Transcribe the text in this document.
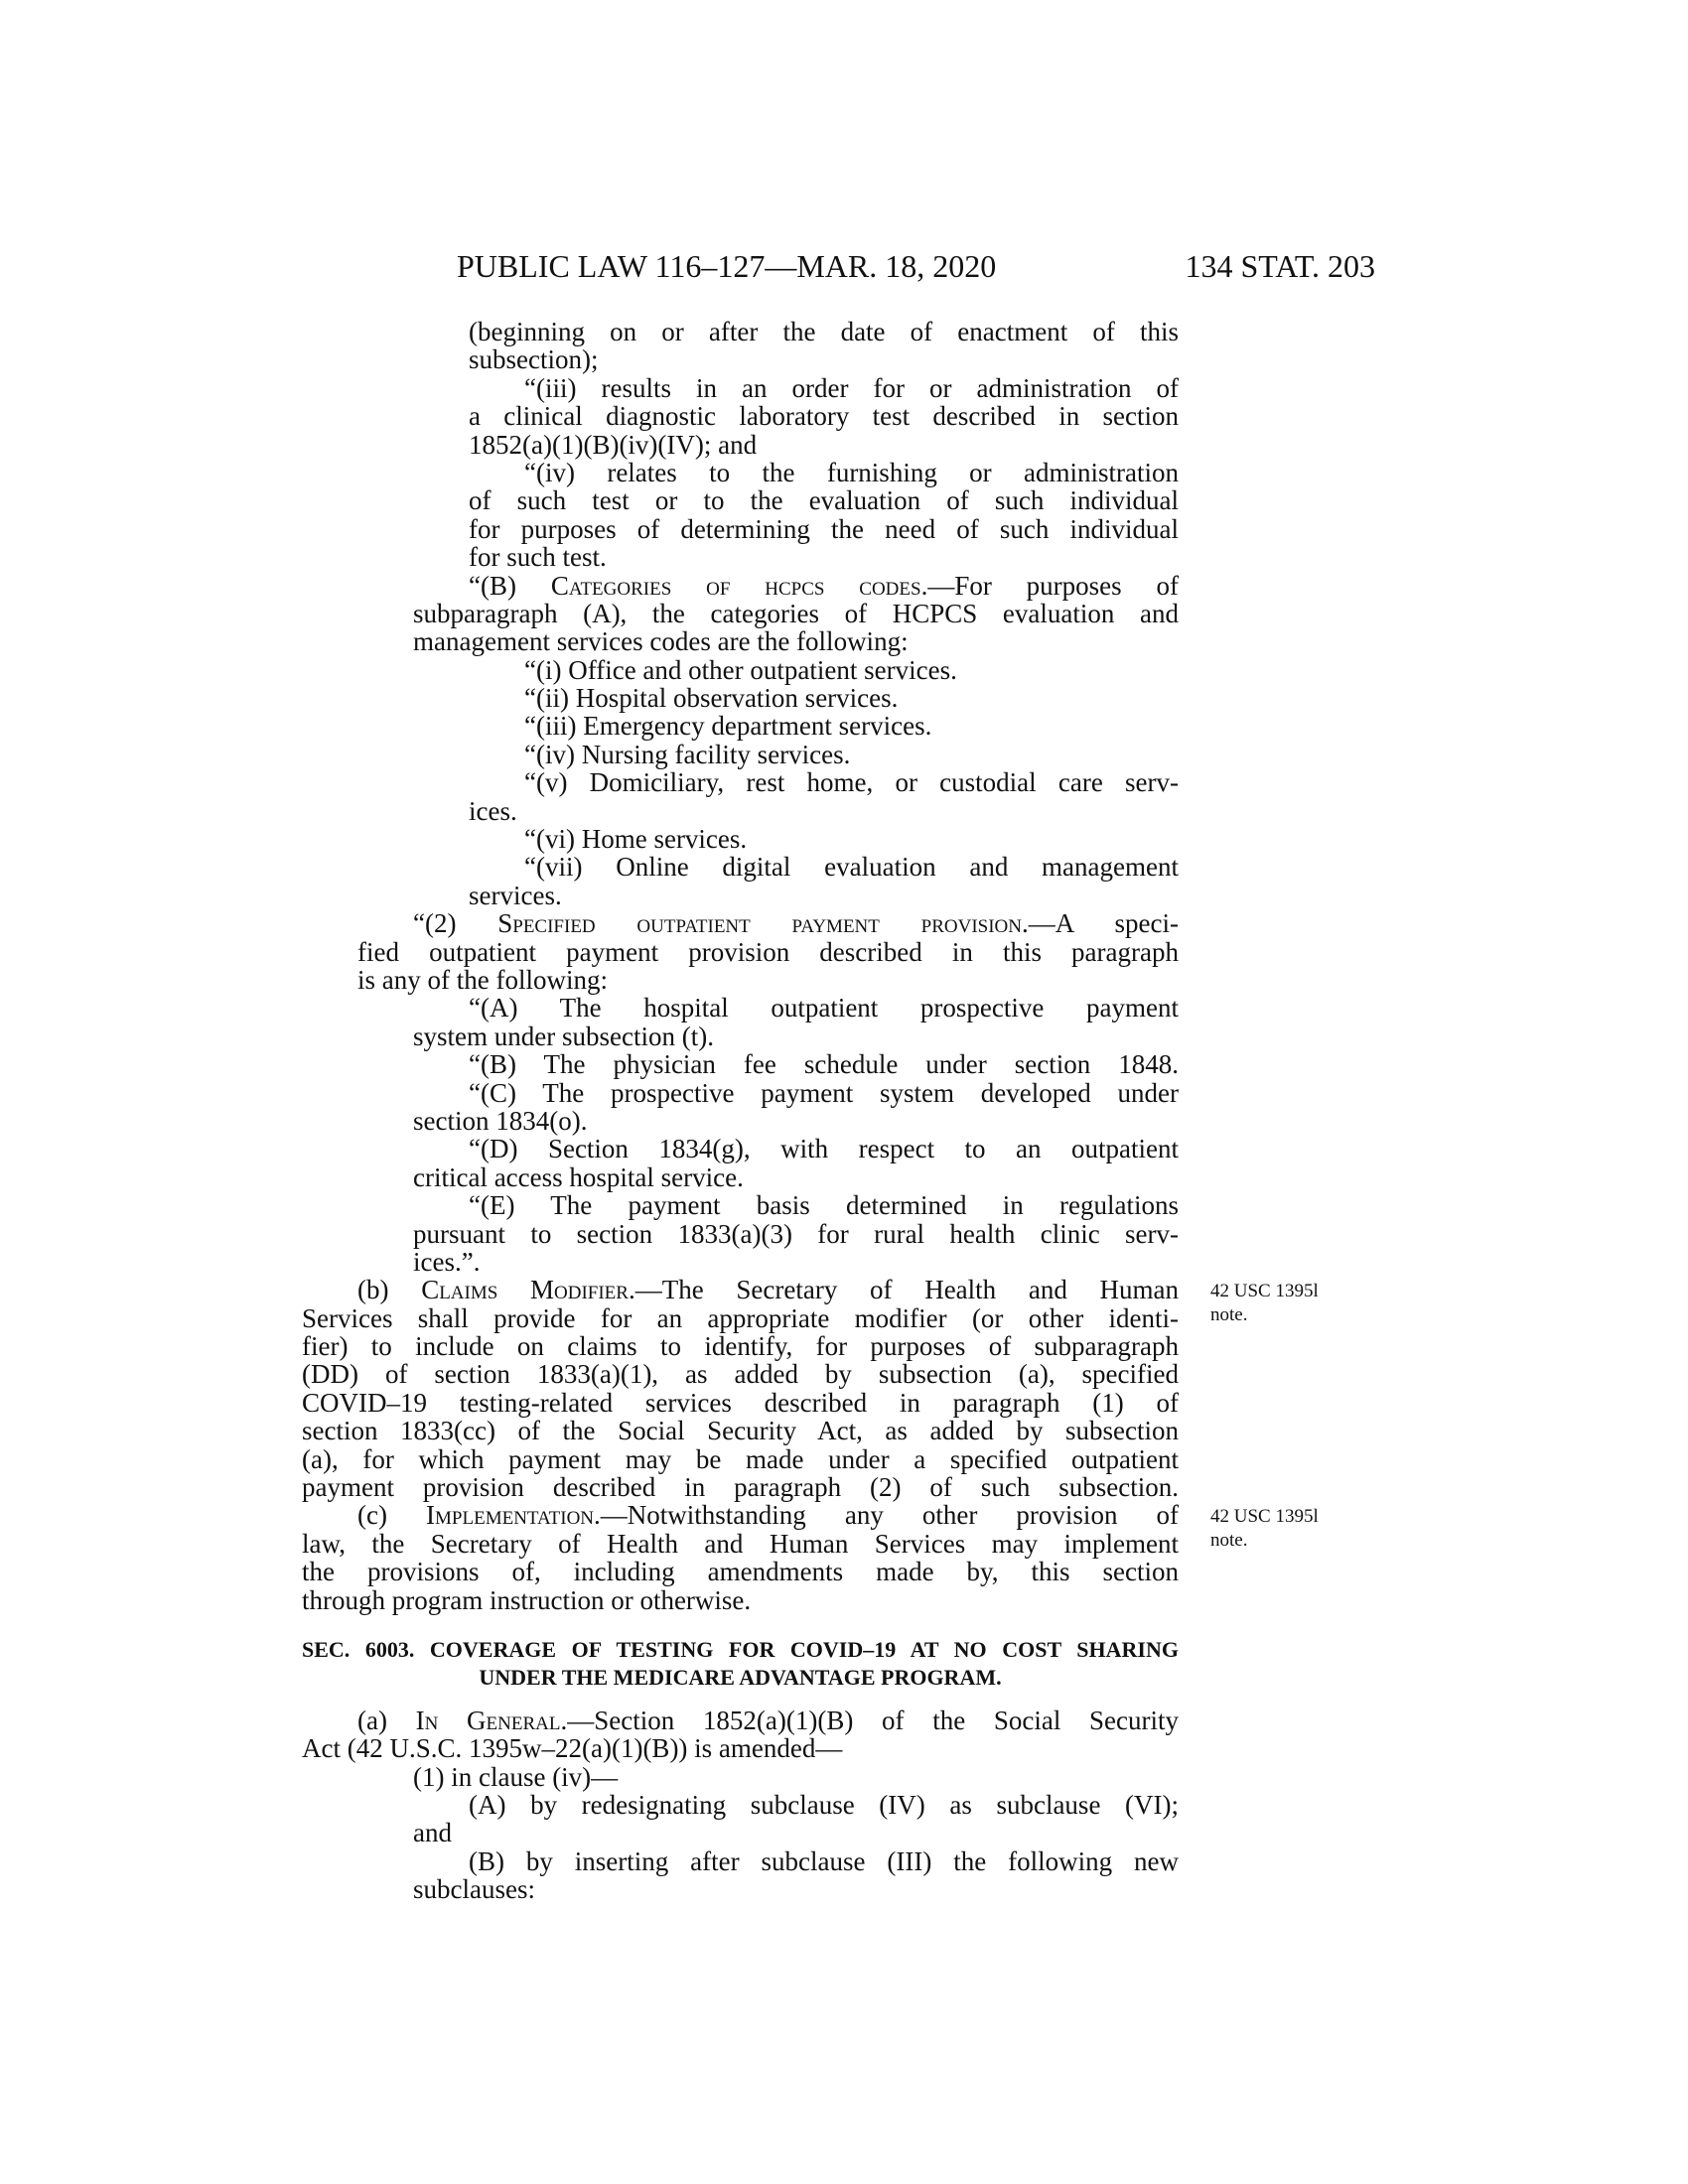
PUBLIC LAW 116–127—MAR. 18, 2020	134 STAT. 203
(beginning on or after the date of enactment of this
subsection);
“(iii) results in an order for or administration of
a clinical diagnostic laboratory test described in section
1852(a)(1)(B)(iv)(IV); and
“(iv) relates to the furnishing or administration
of such test or to the evaluation of such individual
for purposes of determining the need of such individual
for such test.
“(B) Categories of hcpcs codes.—For purposes of
subparagraph (A), the categories of HCPCS evaluation and
management services codes are the following:
“(i) Office and other outpatient services.
“(ii) Hospital observation services.
“(iii) Emergency department services.
“(iv) Nursing facility services.
“(v) Domiciliary, rest home, or custodial care serv-
ices.
“(vi) Home services.
“(vii) Online digital evaluation and management
services.
“(2) Specified outpatient payment provision.—A speci-
fied outpatient payment provision described in this paragraph
is any of the following:
“(A) The hospital outpatient prospective payment
system under subsection (t).
“(B) The physician fee schedule under section 1848.
“(C) The prospective payment system developed under
section 1834(o).
“(D) Section 1834(g), with respect to an outpatient
critical access hospital service.
“(E) The payment basis determined in regulations
pursuant to section 1833(a)(3) for rural health clinic serv-
ices.”.
(b) Claims Modifier.—The Secretary of Health and Human 42 USC 1395l
note.
Services shall provide for an appropriate modifier (or other identi-
fier) to include on claims to identify, for purposes of subparagraph
(DD) of section 1833(a)(1), as added by subsection (a), specified
COVID–19 testing-related services described in paragraph (1) of
section 1833(cc) of the Social Security Act, as added by subsection
(a), for which payment may be made under a specified outpatient
payment provision described in paragraph (2) of such subsection.
(c) Implementation.—Notwithstanding any other provision of 42 USC 1395l
note.
law, the Secretary of Health and Human Services may implement
the provisions of, including amendments made by, this section
through program instruction or otherwise.
SEC. 6003. COVERAGE OF TESTING FOR COVID–19 AT NO COST SHARING
UNDER THE MEDICARE ADVANTAGE PROGRAM.
(a) In General.—Section 1852(a)(1)(B) of the Social Security
Act (42 U.S.C. 1395w–22(a)(1)(B)) is amended—
(1) in clause (iv)—
(A) by redesignating subclause (IV) as subclause (VI);
and
(B) by inserting after subclause (III) the following new
subclauses:
